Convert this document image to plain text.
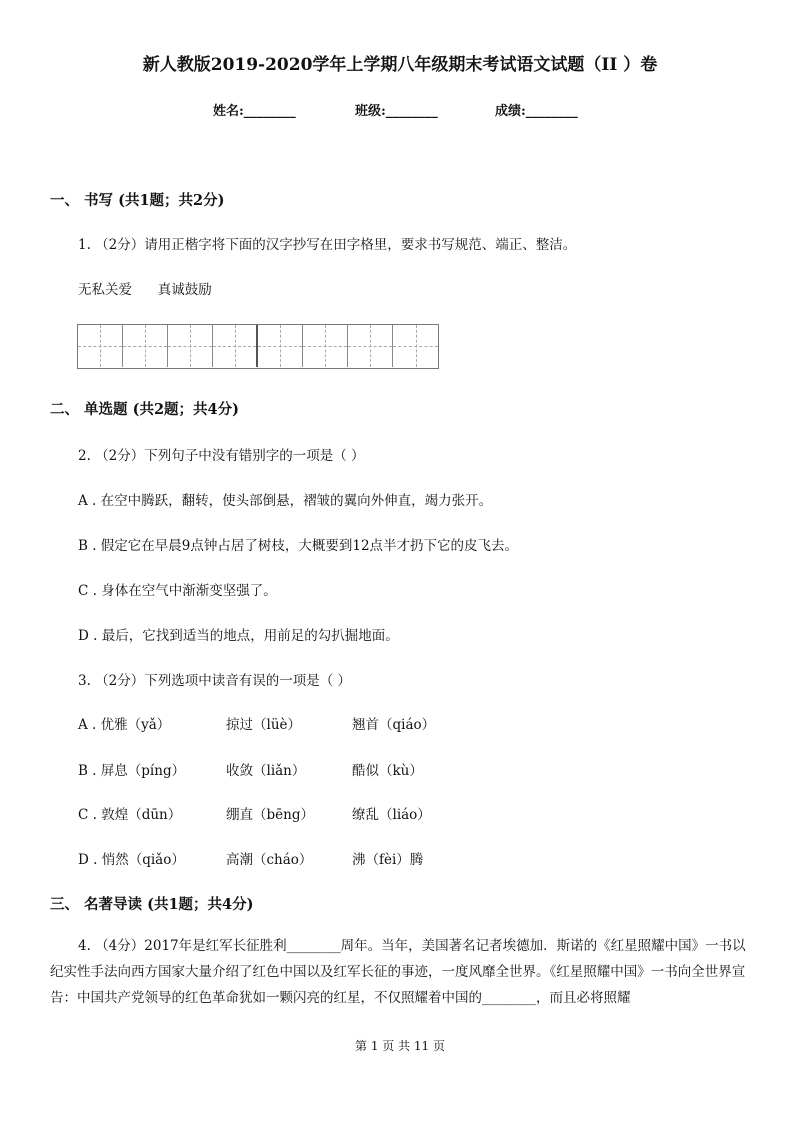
新人教版2019-2020学年上学期八年级期末考试语文试题（II ）卷
姓名:________	班级:________	成绩:________
一、 书写 (共1题；共2分)
1. （2分）请用正楷字将下面的汉字抄写在田字格里，要求书写规范、端正、整洁。
无私关爱      真诚鼓励
二、 单选题 (共2题；共4分)
2. （2分）下列句子中没有错别字的一项是（ ）
A . 在空中腾跃，翻转，使头部倒悬，褶皱的翼向外伸直，竭力张开。
B . 假定它在早晨9点钟占居了树枝，大概要到12点半才扔下它的皮飞去。
C . 身体在空气中渐渐变坚强了。
D . 最后，它找到适当的地点，用前足的勾扒掘地面。
3. （2分）下列选项中读音有误的一项是（ ）
A . 优雅（yǎ）	掠过（lüè）	翘首（qiáo）
B . 屏息（píng）	收敛（liǎn）	酷似（kù）
C . 敦煌（dūn）	绷直（bēng）	缭乱（liáo）
D . 悄然（qiǎo）	高潮（cháo）	沸（fèi）腾
三、 名著导读 (共1题；共4分)
4. （4分）2017年是红军长征胜利________周年。当年，美国著名记者埃德加．斯诺的《红星照耀中国》一书以纪实性手法向西方国家大量介绍了红色中国以及红军长征的事迹，一度风靡全世界。《红星照耀中国》一书向全世界宣告：中国共产党领导的红色革命犹如一颗闪亮的红星，不仅照耀着中国的________，而且必将照耀
第 1 页 共 11 页
